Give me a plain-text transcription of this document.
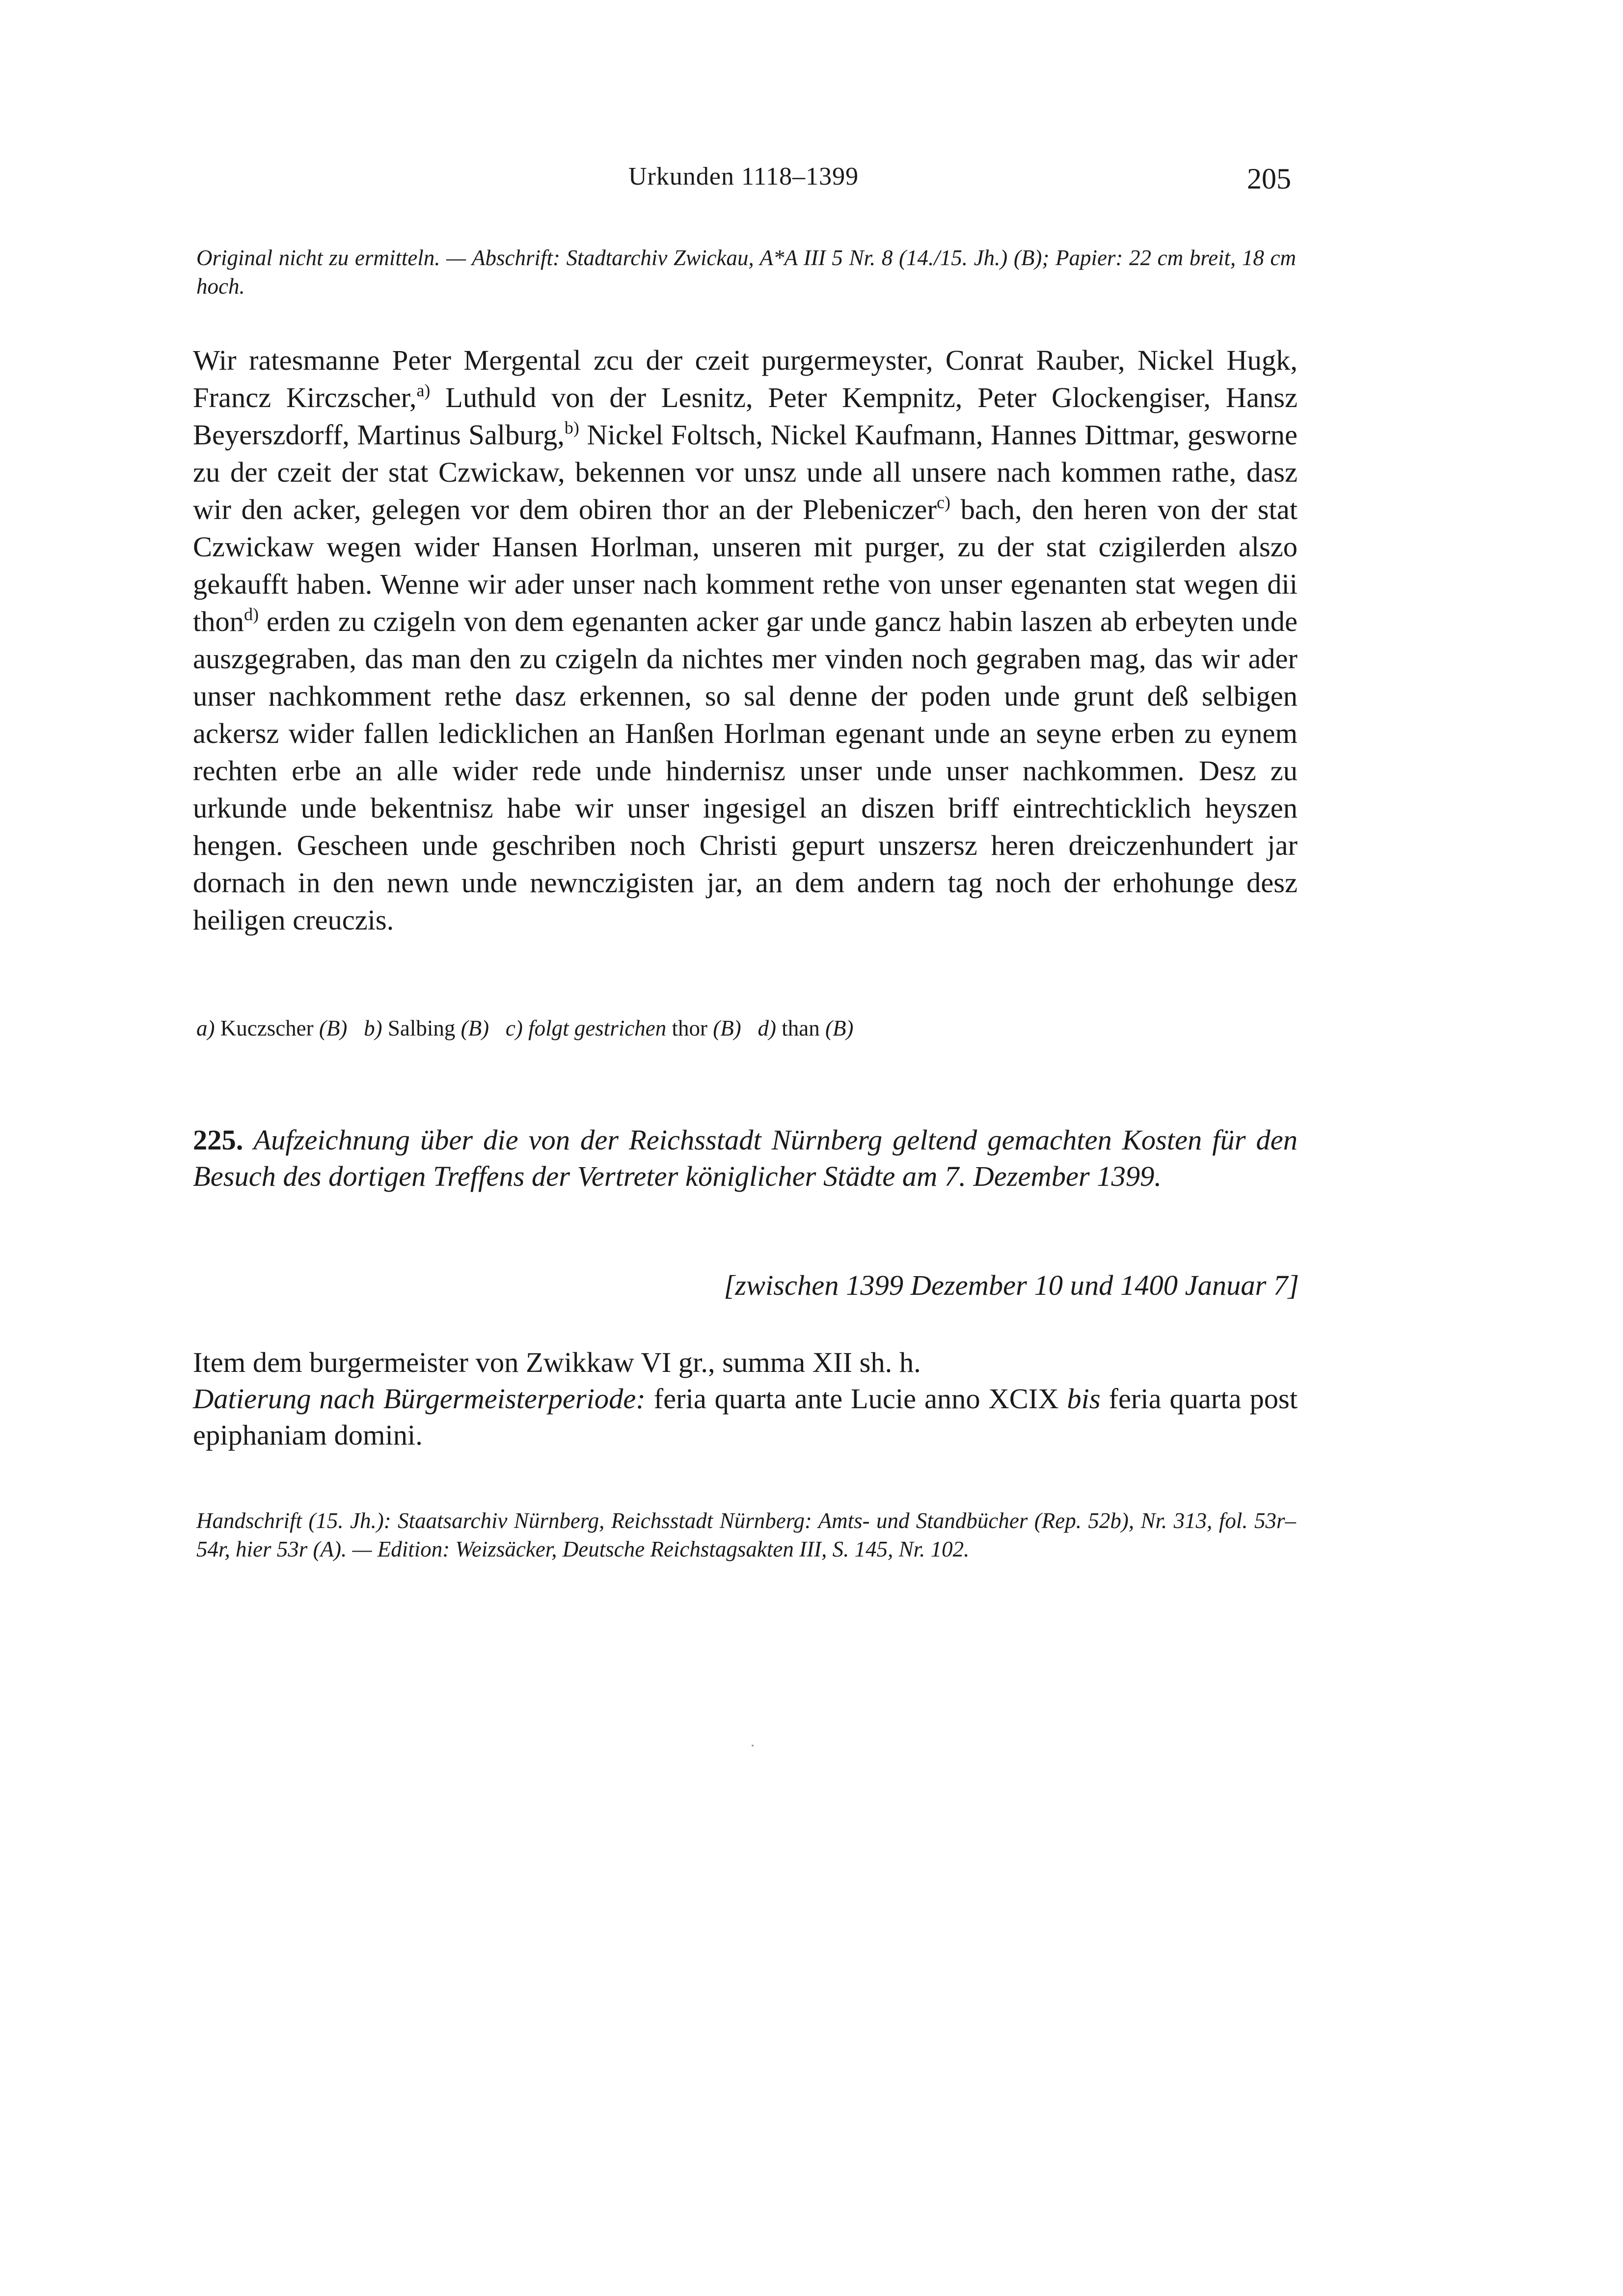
Urkunden 1118–1399	205
Original nicht zu ermitteln. — Abschrift: Stadtarchiv Zwickau, A*A III 5 Nr. 8 (14./15. Jh.) (B); Papier: 22 cm breit, 18 cm hoch.
Wir ratesmanne Peter Mergental zcu der czeit purgermeyster, Conrat Rauber, Nickel Hugk, Francz Kirczscher,$^{a)}$ Luthuld von der Lesnitz, Peter Kempnitz, Peter Glockengiser, Hansz Beyerszdorff, Martinus Salburg,$^{b)}$ Nickel Foltsch, Nickel Kaufmann, Hannes Dittmar, gesworne zu der czeit der stat Czwickaw, bekennen vor unsz unde all unsere nach kommen rathe, dasz wir den acker, gelegen vor dem obiren thor an der Plebeniczer$^{c)}$ bach, den heren von der stat Czwickaw wegen wider Hansen Horlman, unseren mit purger, zu der stat czigilerden alszo gekaufft haben. Wenne wir ader unser nach komment rethe von unser egenanten stat wegen dii thon$^{d)}$ erden zu czigeln von dem egenanten acker gar unde gancz habin laszen ab erbeyten unde auszgegraben, das man den zu czigeln da nichtes mer vinden noch gegraben mag, das wir ader unser nachkomment rethe dasz erkennen, so sal denne der poden unde grunt deß selbigen ackersz wider fallen ledicklichen an Hanßen Horlman egenant unde an seyne erben zu eynem rechten erbe an alle wider rede unde hindernisz unser unde unser nachkommen. Desz zu urkunde unde bekentnisz habe wir unser ingesigel an diszen briff eintrechticklich heyszen hengen. Gescheen unde geschriben noch Christi gepurt unszersz heren dreiczenhundert jar dornach in den newn unde newnczigisten jar, an dem andern tag noch der erhohunge desz heiligen creuczis.
a) Kuczscher (B) b) Salbing (B) c) folgt gestrichen thor (B) d) than (B)
225. Aufzeichnung über die von der Reichsstadt Nürnberg geltend gemachten Kosten für den Besuch des dortigen Treffens der Vertreter königlicher Städte am 7. Dezember 1399.
[zwischen 1399 Dezember 10 und 1400 Januar 7]
Item dem burgermeister von Zwikkaw VI gr., summa XII sh. h.
Datierung nach Bürgermeisterperiode: feria quarta ante Lucie anno XCIX bis feria quarta post epiphaniam domini.
Handschrift (15. Jh.): Staatsarchiv Nürnberg, Reichsstadt Nürnberg: Amts- und Standbücher (Rep. 52b), Nr. 313, fol. 53r–54r, hier 53r (A). — Edition: Weizsäcker, Deutsche Reichstagsakten III, S. 145, Nr. 102.
